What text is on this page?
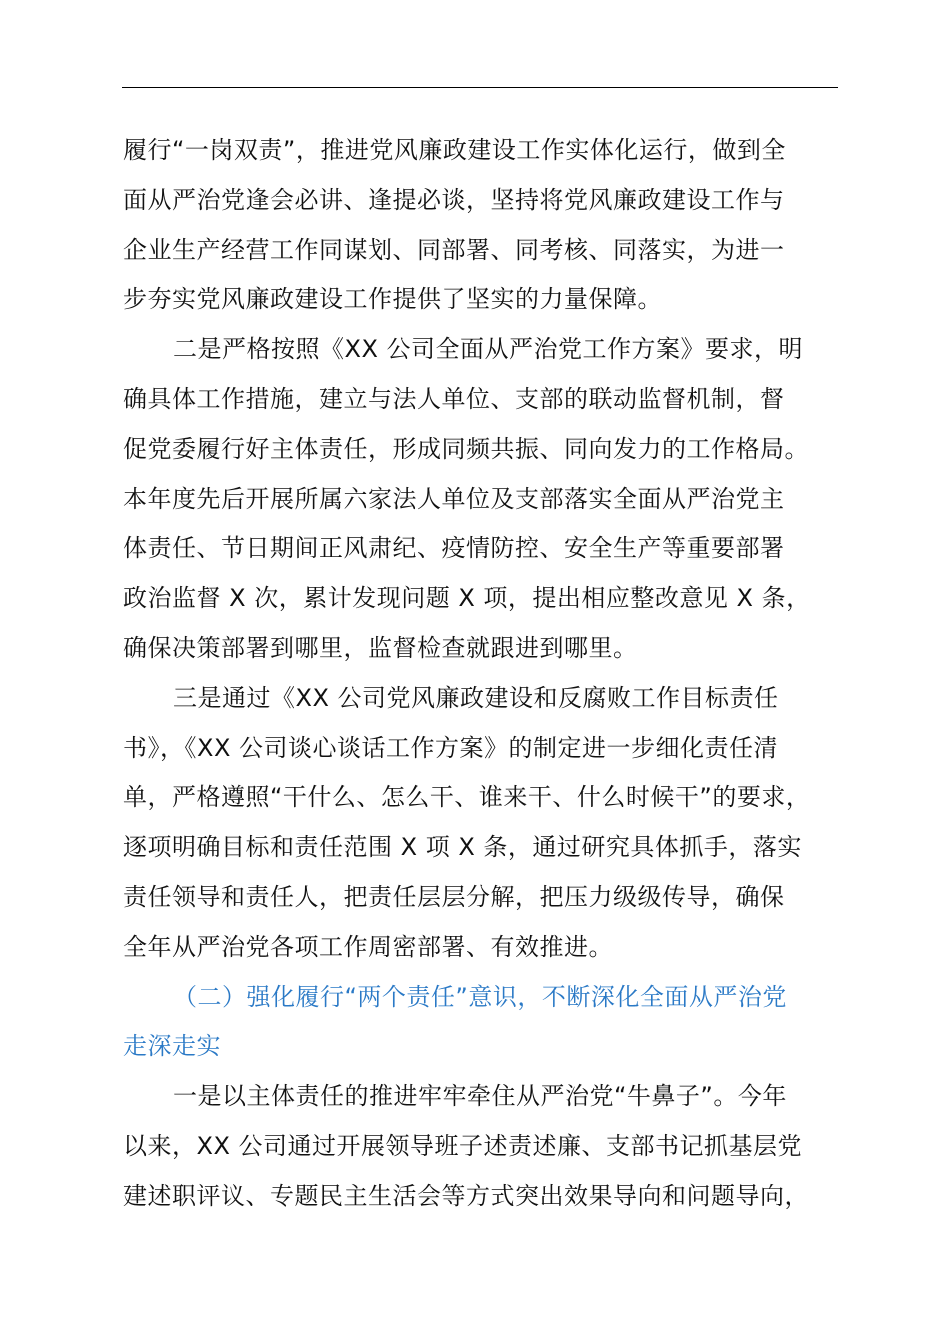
履行“一岗双责”，推进党风廉政建设工作实体化运行，做到全
面从严治党逢会必讲、逢提必谈，坚持将党风廉政建设工作与
企业生产经营工作同谋划、同部署、同考核、同落实，为进一
步夯实党风廉政建设工作提供了坚实的力量保障。
二是严格按照《XX 公司全面从严治党工作方案》要求，明
确具体工作措施，建立与法人单位、支部的联动监督机制，督
促党委履行好主体责任，形成同频共振、同向发力的工作格局。
本年度先后开展所属六家法人单位及支部落实全面从严治党主
体责任、节日期间正风肃纪、疫情防控、安全生产等重要部署
政治监督 X 次，累计发现问题 X 项，提出相应整改意见 X 条，
确保决策部署到哪里，监督检查就跟进到哪里。
三是通过《XX 公司党风廉政建设和反腐败工作目标责任
书》，《XX 公司谈心谈话工作方案》的制定进一步细化责任清
单，严格遵照“干什么、怎么干、谁来干、什么时候干”的要求，
逐项明确目标和责任范围 X 项 X 条，通过研究具体抓手，落实
责任领导和责任人，把责任层层分解，把压力级级传导，确保
全年从严治党各项工作周密部署、有效推进。
（二）强化履行“两个责任”意识，不断深化全面从严治党
走深走实
一是以主体责任的推进牢牢牵住从严治党“牛鼻子”。今年
以来，XX 公司通过开展领导班子述责述廉、支部书记抓基层党
建述职评议、专题民主生活会等方式突出效果导向和问题导向，
